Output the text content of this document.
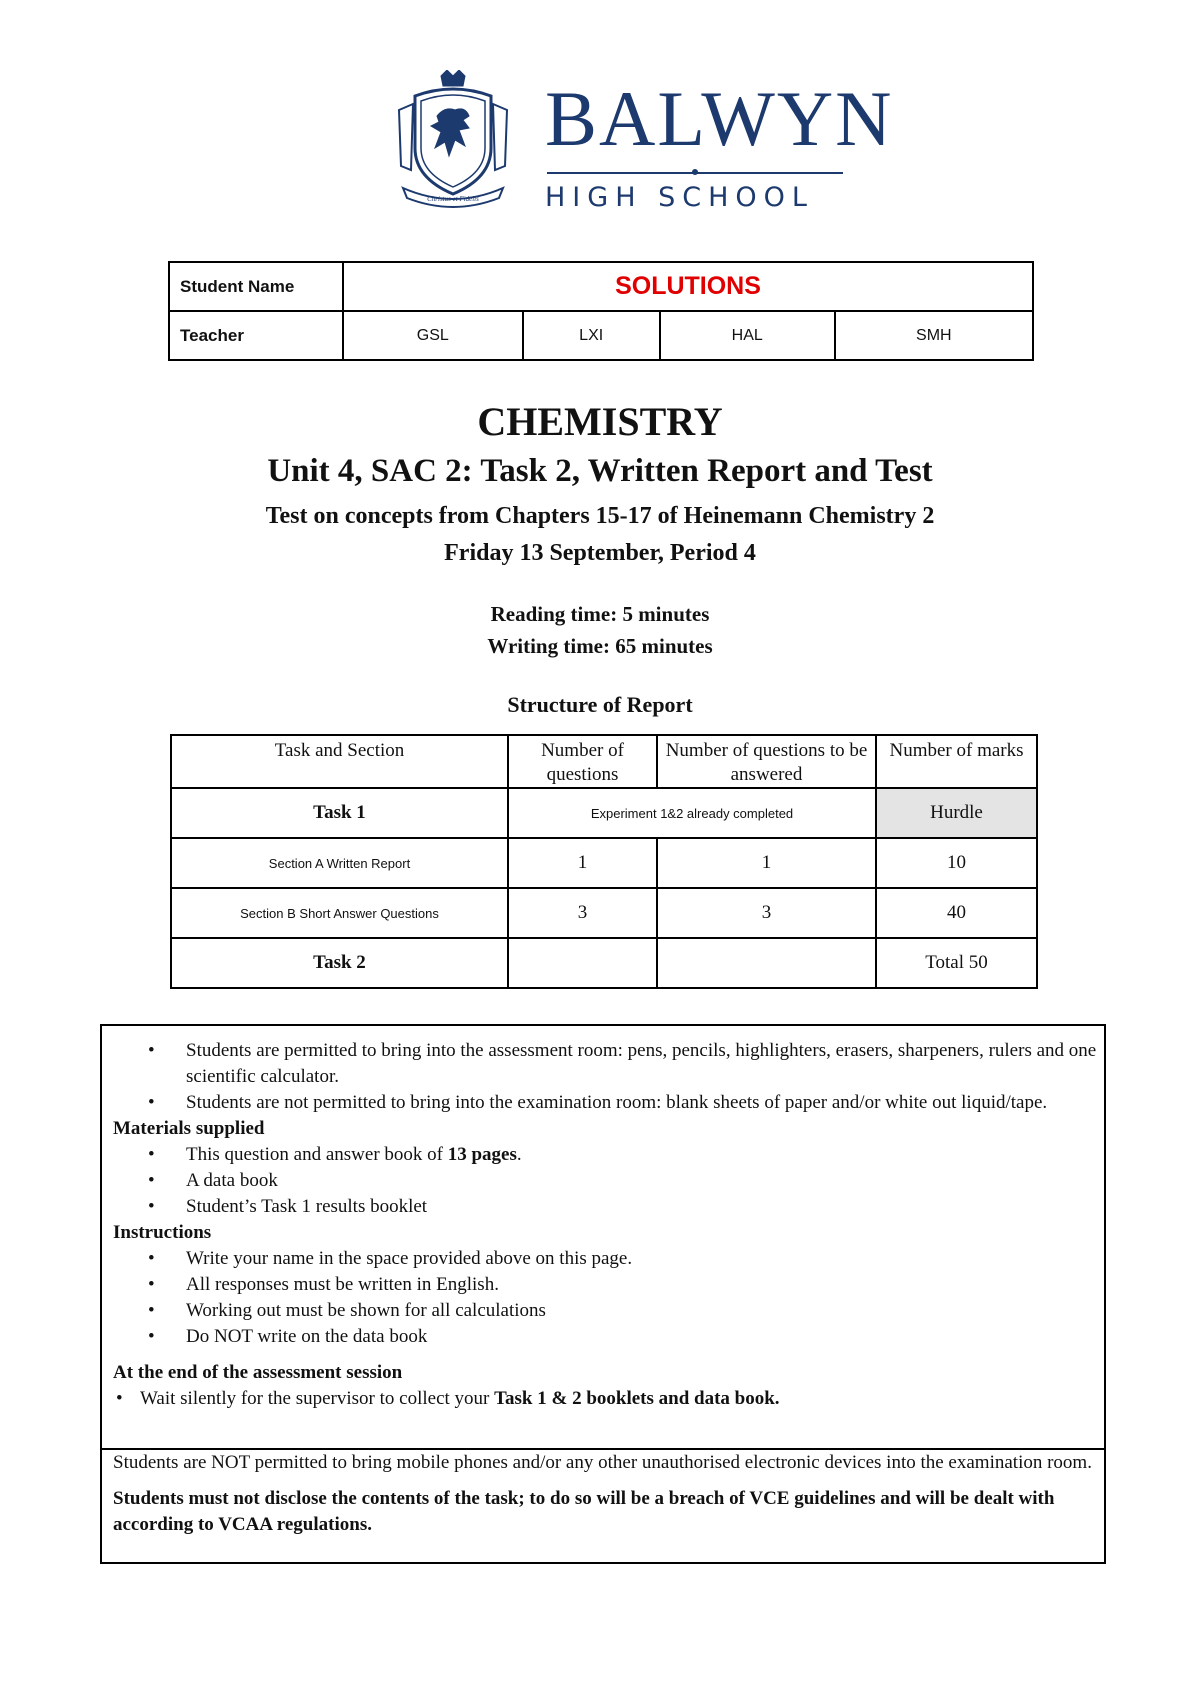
Christus et Fidelis
BALWYN
HIGH SCHOOL
Student Name	SOLUTIONS			
Teacher	GSL	LXI	HAL	SMH
CHEMISTRY
Unit 4, SAC 2: Task 2, Written Report and Test
Test on concepts from Chapters 15-17 of Heinemann Chemistry 2
Friday 13 September, Period 4
Reading time: 5 minutes
Writing time: 65 minutes
Structure of Report
Task and Section	Number of questions	Number of questions to be answered	Number of marks
Task 1	Experiment 1&2 already completed		Hurdle
Section A Written Report	1	1	10
Section B Short Answer Questions	3	3	40
Task 2			Total 50
• Students are permitted to bring into the assessment room: pens, pencils, highlighters, erasers, sharpeners, rulers and one scientific calculator.
• Students are not permitted to bring into the examination room: blank sheets of paper and/or white out liquid/tape.
Materials supplied
• This question and answer book of 13 pages.
• A data book
• Student’s Task 1 results booklet
Instructions
• Write your name in the space provided above on this page.
• All responses must be written in English.
• Working out must be shown for all calculations
• Do NOT write on the data book
At the end of the assessment session
• Wait silently for the supervisor to collect your Task 1 & 2 booklets and data book.
Students are NOT permitted to bring mobile phones and/or any other unauthorised electronic devices into the examination room.
Students must not disclose the contents of the task; to do so will be a breach of VCE guidelines and will be dealt with according to VCAA regulations.
